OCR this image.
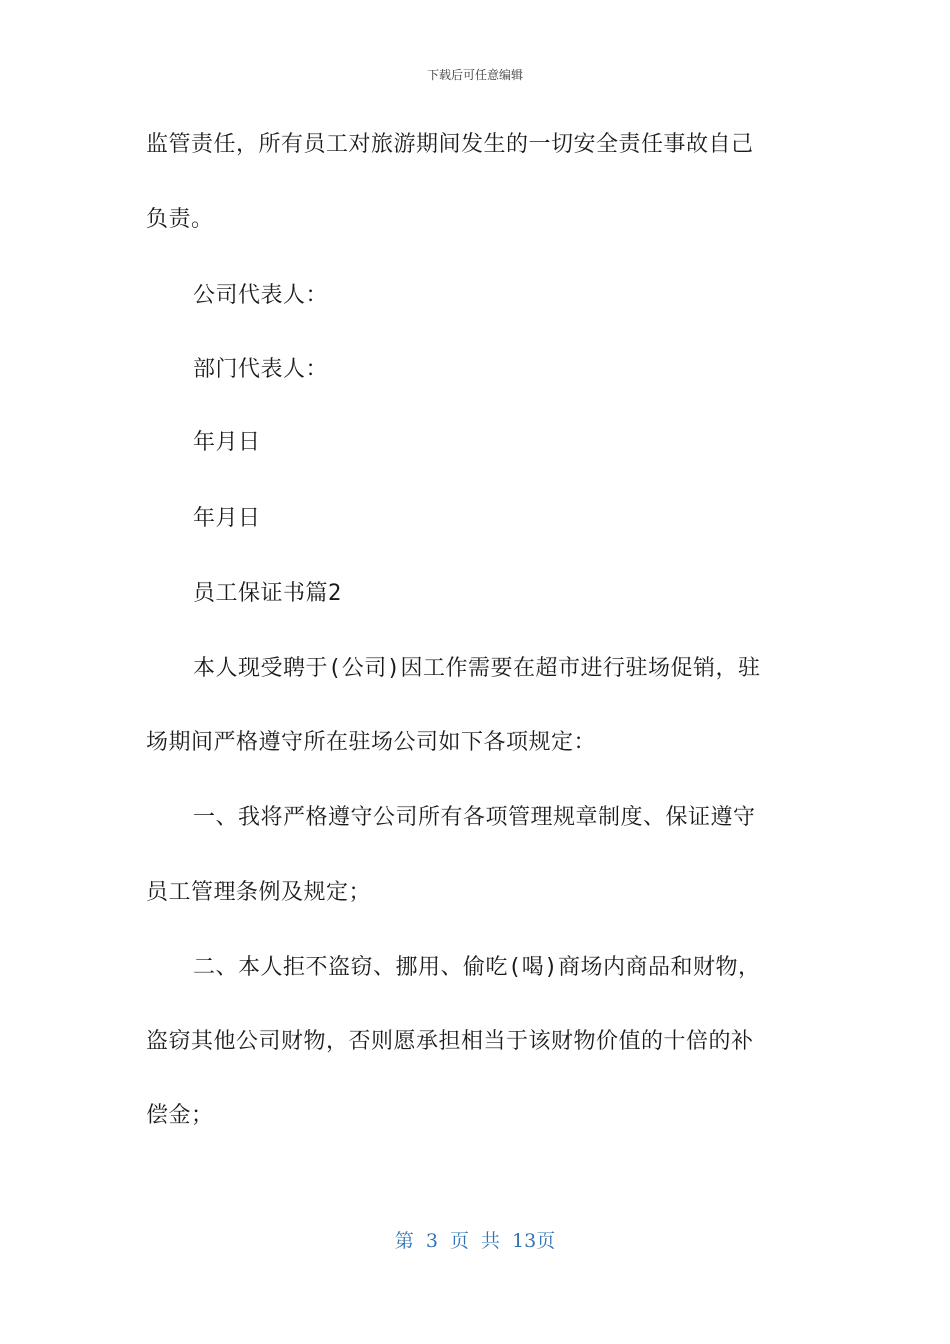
下载后可任意编辑
监管责任，所有员工对旅游期间发生的一切安全责任事故自己
负责。
公司代表人：
部门代表人：
年月日
年月日
员工保证书篇2
本人现受聘于(公司)因工作需要在超市进行驻场促销，驻
场期间严格遵守所在驻场公司如下各项规定：
一、我将严格遵守公司所有各项管理规章制度、保证遵守
员工管理条例及规定；
二、本人拒不盗窃、挪用、偷吃(喝)商场内商品和财物，
盗窃其他公司财物，否则愿承担相当于该财物价值的十倍的补
偿金；
第 3 页 共 13页
